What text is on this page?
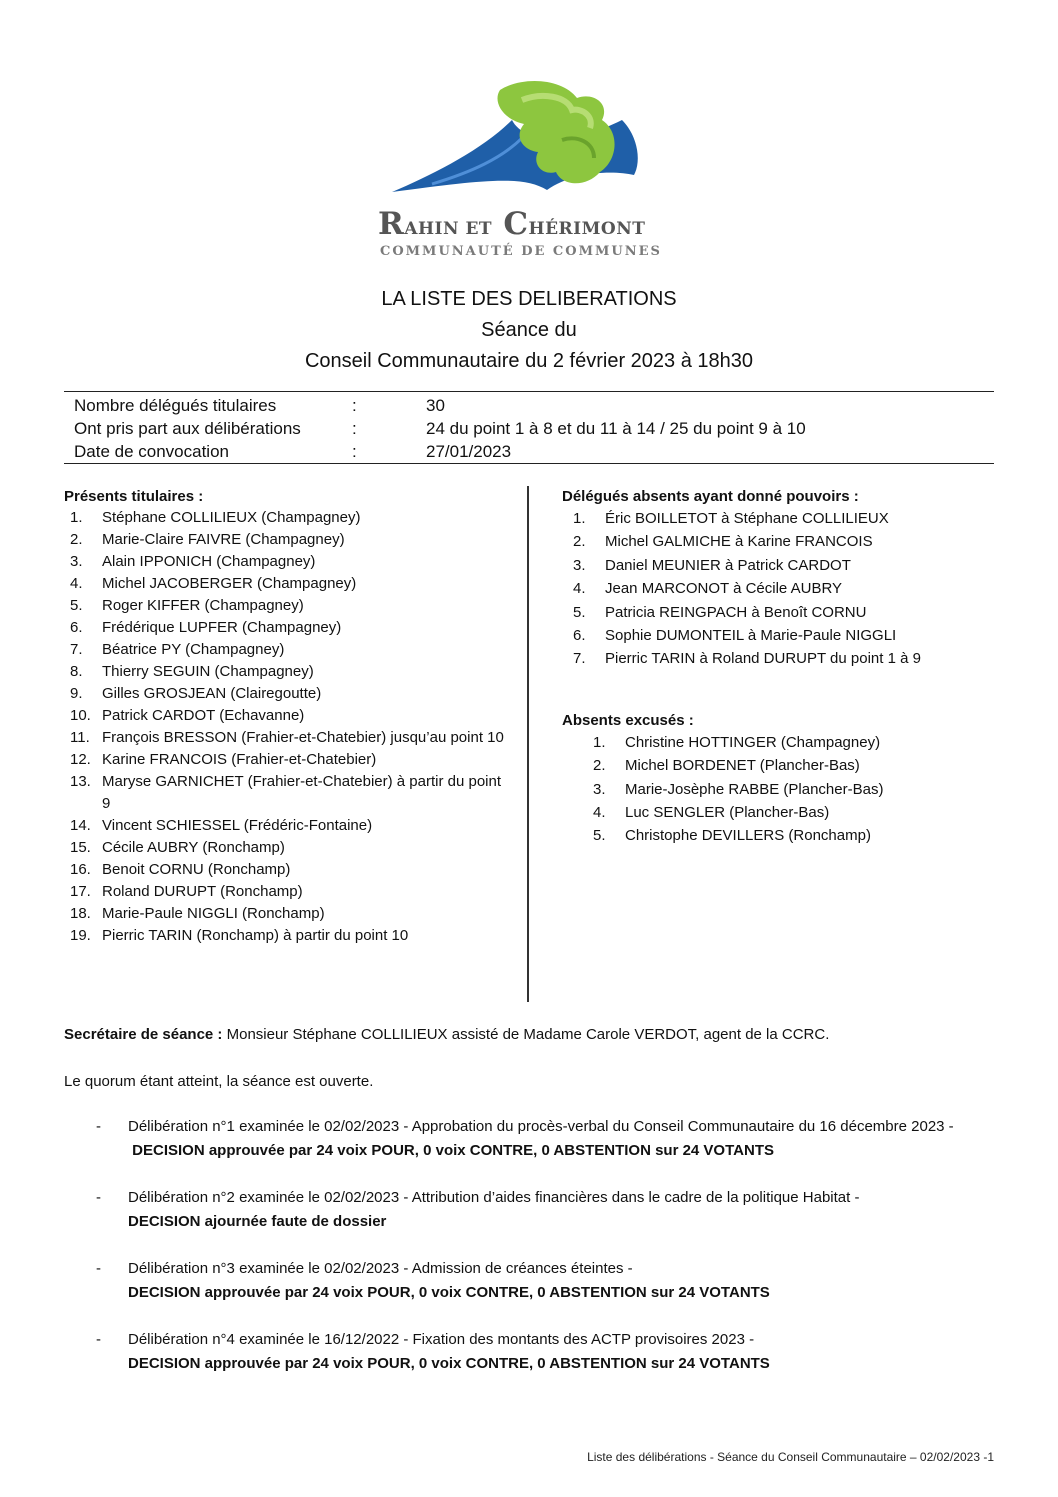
RAHIN ET CHÉRIMONT
COMMUNAUTÉ DE COMMUNES
LA LISTE DES DELIBERATIONS
Séance du
Conseil Communautaire du 2 février 2023 à 18h30
Nombre délégués titulaires	:	30
Ont pris part aux délibérations	:	24 du point 1 à 8 et du 11 à 14 / 25 du point 9 à 10
Date de convocation	:	27/01/2023
Présents titulaires :
1. Stéphane COLLILIEUX (Champagney)
2. Marie-Claire FAIVRE (Champagney)
3. Alain IPPONICH (Champagney)
4. Michel JACOBERGER (Champagney)
5. Roger KIFFER (Champagney)
6. Frédérique LUPFER (Champagney)
7. Béatrice PY (Champagney)
8. Thierry SEGUIN (Champagney)
9. Gilles GROSJEAN (Clairegoutte)
10. Patrick CARDOT (Echavanne)
11. François BRESSON (Frahier-et-Chatebier) jusqu’au point 10
12. Karine FRANCOIS (Frahier-et-Chatebier)
13. Maryse GARNICHET (Frahier-et-Chatebier) à partir du point 9
14. Vincent SCHIESSEL (Frédéric-Fontaine)
15. Cécile AUBRY (Ronchamp)
16. Benoit CORNU (Ronchamp)
17. Roland DURUPT (Ronchamp)
18. Marie-Paule NIGGLI (Ronchamp)
19. Pierric TARIN (Ronchamp) à partir du point 10
Délégués absents ayant donné pouvoirs :
1. Éric BOILLETOT à Stéphane COLLILIEUX
2. Michel GALMICHE à Karine FRANCOIS
3. Daniel MEUNIER à Patrick CARDOT
4. Jean MARCONOT à Cécile AUBRY
5. Patricia REINGPACH à Benoît CORNU
6. Sophie DUMONTEIL à Marie-Paule NIGGLI
7. Pierric TARIN à Roland DURUPT du point 1 à 9
Absents excusés :
1. Christine HOTTINGER (Champagney)
2. Michel BORDENET (Plancher-Bas)
3. Marie-Josèphe RABBE (Plancher-Bas)
4. Luc SENGLER (Plancher-Bas)
5. Christophe DEVILLERS (Ronchamp)
Secrétaire de séance : Monsieur Stéphane COLLILIEUX assisté de Madame Carole VERDOT, agent de la CCRC.
Le quorum étant atteint, la séance est ouverte.
- Délibération n°1 examinée le 02/02/2023 - Approbation du procès-verbal du Conseil Communautaire du 16 décembre 2023 -
DECISION approuvée par 24 voix POUR, 0 voix CONTRE, 0 ABSTENTION sur 24 VOTANTS
- Délibération n°2 examinée le 02/02/2023 - Attribution d’aides financières dans le cadre de la politique Habitat -
DECISION ajournée faute de dossier
- Délibération n°3 examinée le 02/02/2023 - Admission de créances éteintes -
DECISION approuvée par 24 voix POUR, 0 voix CONTRE, 0 ABSTENTION sur 24 VOTANTS
- Délibération n°4 examinée le 16/12/2022 - Fixation des montants des ACTP provisoires 2023 -
DECISION approuvée par 24 voix POUR, 0 voix CONTRE, 0 ABSTENTION sur 24 VOTANTS
Liste des délibérations - Séance du Conseil Communautaire – 02/02/2023 -1
